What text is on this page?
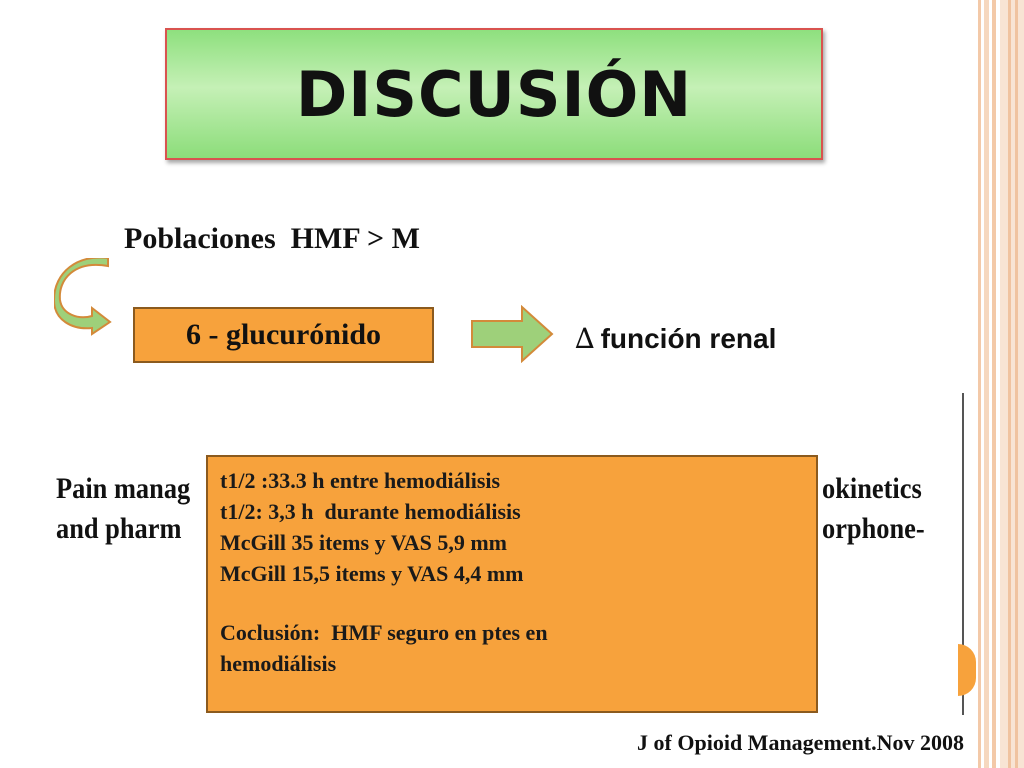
DISCUSIÓN
Poblaciones  HMF > M
6 - glucurónido	∆ función renal
Pain manag
and pharm
okinetics
orphone-
t1/2 :33.3 h entre hemodiálisis
t1/2: 3,3 h  durante hemodiálisis
McGill 35 items y VAS 5,9 mm
McGill 15,5 items y VAS 4,4 mm
Coclusión:  HMF seguro en ptes en
hemodiálisis
J of Opioid Management.Nov 2008
